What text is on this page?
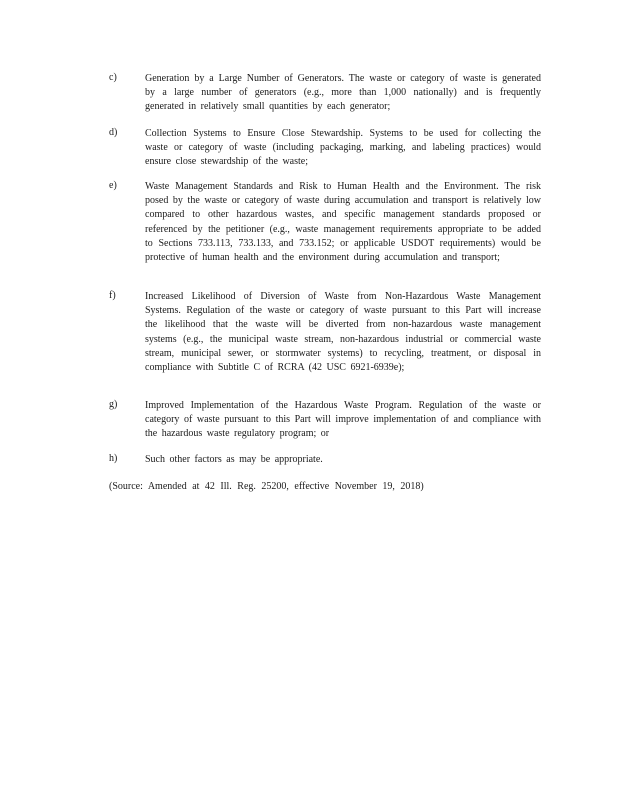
c)	Generation by a Large Number of Generators. The waste or category of waste is generated by a large number of generators (e.g., more than 1,000 nationally) and is frequently generated in relatively small quantities by each generator;
d)	Collection Systems to Ensure Close Stewardship. Systems to be used for collecting the waste or category of waste (including packaging, marking, and labeling practices) would ensure close stewardship of the waste;
e)	Waste Management Standards and Risk to Human Health and the Environment. The risk posed by the waste or category of waste during accumulation and transport is relatively low compared to other hazardous wastes, and specific management standards proposed or referenced by the petitioner (e.g., waste management requirements appropriate to be added to Sections 733.113, 733.133, and 733.152; or applicable USDOT requirements) would be protective of human health and the environment during accumulation and transport;
f)	Increased Likelihood of Diversion of Waste from Non-Hazardous Waste Management Systems. Regulation of the waste or category of waste pursuant to this Part will increase the likelihood that the waste will be diverted from non-hazardous waste management systems (e.g., the municipal waste stream, non-hazardous industrial or commercial waste stream, municipal sewer, or stormwater systems) to recycling, treatment, or disposal in compliance with Subtitle C of RCRA (42 USC 6921-6939e);
g)	Improved Implementation of the Hazardous Waste Program. Regulation of the waste or category of waste pursuant to this Part will improve implementation of and compliance with the hazardous waste regulatory program; or
h)	Such other factors as may be appropriate.
(Source: Amended at 42 Ill. Reg. 25200, effective November 19, 2018)
